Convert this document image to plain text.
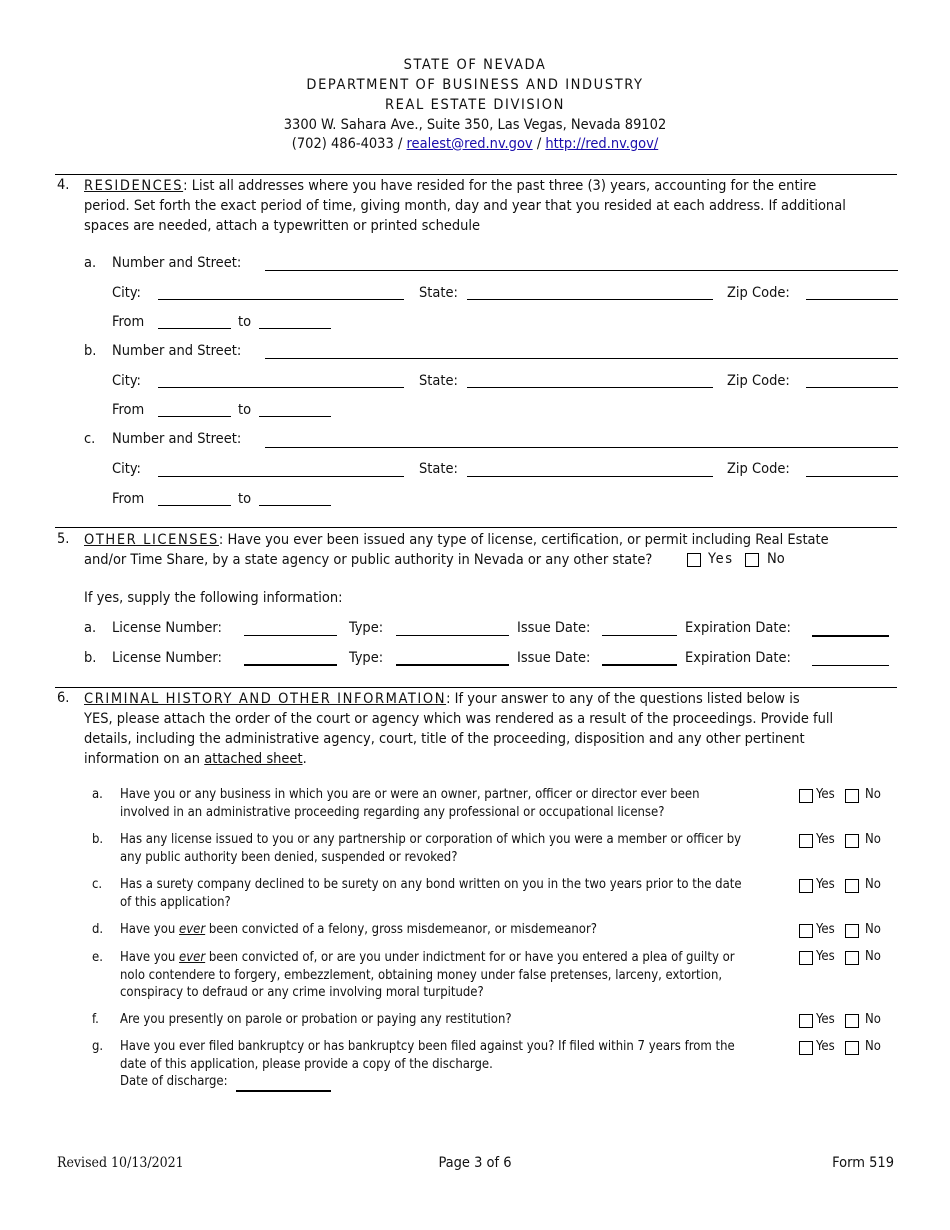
STATE OF NEVADA
DEPARTMENT OF BUSINESS AND INDUSTRY
REAL ESTATE DIVISION
3300 W. Sahara Ave., Suite 350, Las Vegas, Nevada 89102
(702) 486-4033 / realest@red.nv.gov / http://red.nv.gov/
4. RESIDENCES: List all addresses where you have resided for the past three (3) years, accounting for the entire
period. Set forth the exact period of time, giving month, day and year that you resided at each address. If additional
spaces are needed, attach a typewritten or printed schedule
a. Number and Street:
City:	State:	Zip Code:
From	to
b. Number and Street:
City:	State:	Zip Code:
From	to
c. Number and Street:
City:	State:	Zip Code:
From	to
5. OTHER LICENSES: Have you ever been issued any type of license, certification, or permit including Real Estate
and/or Time Share, by a state agency or public authority in Nevada or any other state?	Yes No
If yes, supply the following information:
a. License Number:	Type:	Issue Date:	Expiration Date:
b. License Number:	Type:	Issue Date:	Expiration Date:
6. CRIMINAL HISTORY AND OTHER INFORMATION: If your answer to any of the questions listed below is
YES, please attach the order of the court or agency which was rendered as a result of the proceedings. Provide full
details, including the administrative agency, court, title of the proceeding, disposition and any other pertinent
information on an attached sheet.
a. Have you or any business in which you are or were an owner, partner, officer or director ever been
involved in an administrative proceeding regarding any professional or occupational license?
Yes No
b. Has any license issued to you or any partnership or corporation of which you were a member or officer by
any public authority been denied, suspended or revoked?
Yes No
c. Has a surety company declined to be surety on any bond written on you in the two years prior to the date
of this application?
Yes No
d. Have you ever been convicted of a felony, gross misdemeanor, or misdemeanor?	Yes No
e. Have you ever been convicted of, or are you under indictment for or have you entered a plea of guilty or
nolo contendere to forgery, embezzlement, obtaining money under false pretenses, larceny, extortion,
conspiracy to defraud or any crime involving moral turpitude?
Yes No
f. Are you presently on parole or probation or paying any restitution?	Yes No
g. Have you ever filed bankruptcy or has bankruptcy been filed against you? If filed within 7 years from the
date of this application, please provide a copy of the discharge.
Date of discharge:
Yes No
Revised 10/13/2021	Page 3 of 6	Form 519
